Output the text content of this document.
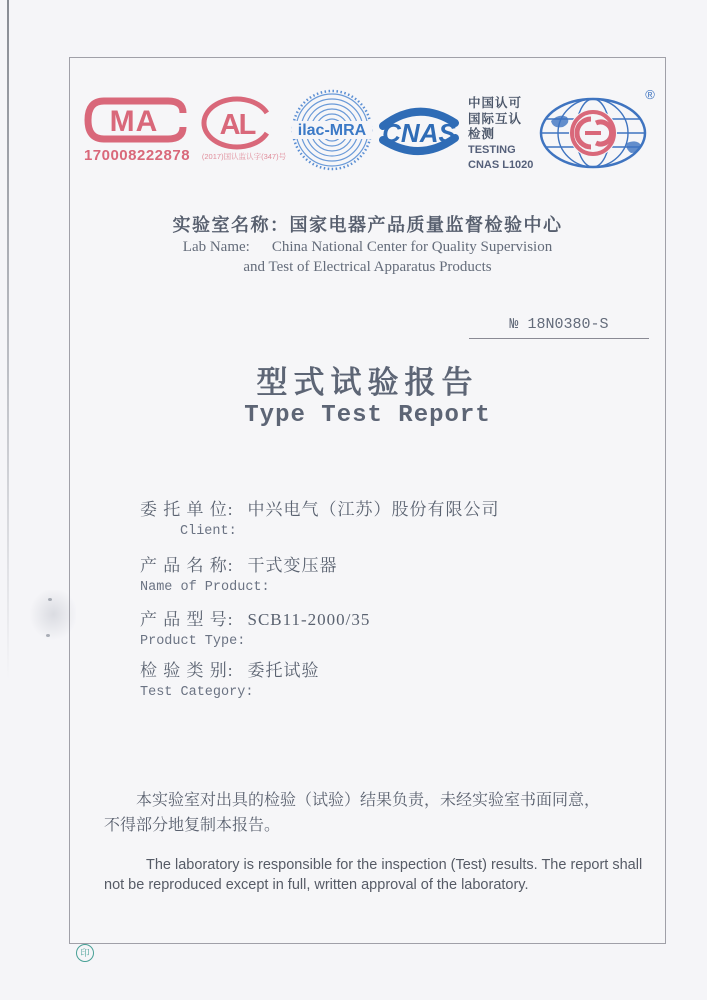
MA
170008222878
AL
(2017)国认监认字(347)号
ilac-MRA CNAS
中国认可
国际互认
检测
TESTING
CNAS L1020
®
实验室名称：国家电器产品质量监督检验中心
Lab Name: China National Center for Quality Supervision
and Test of Electrical Apparatus Products
№ 18N0380-S
型式试验报告
Type Test Report
委 托 单 位: 中兴电气（江苏）股份有限公司
Client:
产 品 名 称: 干式变压器
Name of Product:
产 品 型 号: SCB11-2000/35
Product Type:
检 验 类 别: 委托试验
Test Category:
本实验室对出具的检验（试验）结果负责，未经实验室书面同意，
不得部分地复制本报告。
The laboratory is responsible for the inspection (Test) results. The report shall
not be reproduced except in full, written approval of the laboratory.
印
